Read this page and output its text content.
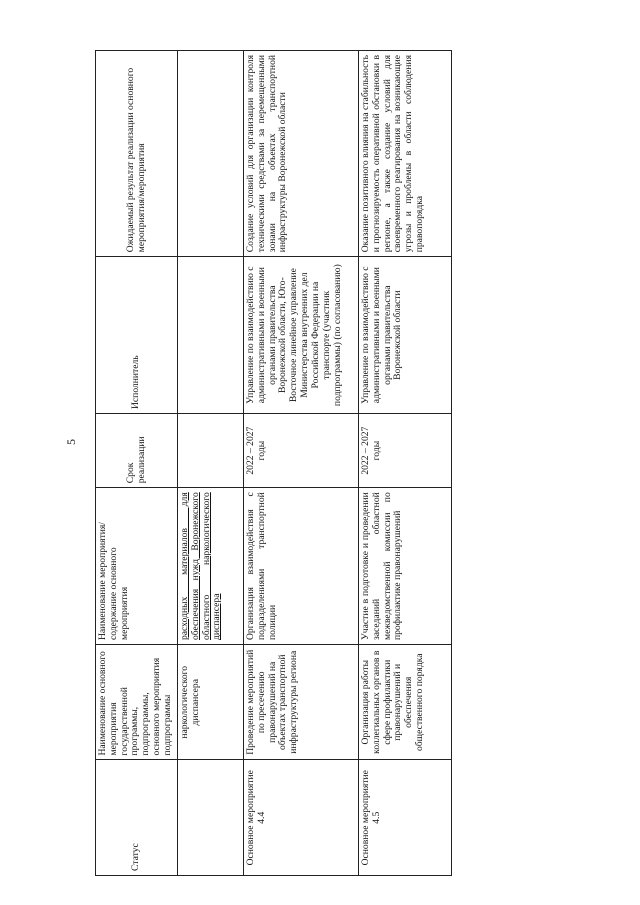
5
Статус	Наименование основного мероприятия государственной программы, подпрограммы, основного мероприятия подпрограммы	Наименование мероприятия/содержание основного мероприятия	Срок реализации	Исполнитель	Ожидаемый результат реализации основного мероприятия/мероприятия
	наркологического диспансера	расходных материалов для обеспечения нужд Воронежского областного наркологического диспансера			
Основное мероприятие 4.4	Проведение мероприятий по пресечению правонарушений на объектах транспортной инфраструктуры региона	Организация взаимодействия с подразделениями транспортной полиции	2022 – 2027 годы	Управление по взаимодействию с административными и военными органами правительства Воронежской области, Юго-Восточное линейное управление Министерства внутренних дел Российской Федерации на транспорте (участник подпрограммы) (по согласованию)	Создание условий для организации контроля техническими средствами за перемещенными зонами на объектах транспортной инфраструктуры Воронежской области
Основное мероприятие 4.5	Организация работы коллегиальных органов в сфере профилактики правонарушений и обеспечения общественного порядка	Участие в подготовке и проведении заседаний областной межведомственной комиссии по профилактике правонарушений	2022 – 2027 годы	Управление по взаимодействию с административными и военными органами правительства Воронежской области	Оказание позитивного влияния на стабильность и прогнозируемость оперативной обстановки в регионе, а также создание условий для своевременного реагирования на возникающие угрозы и проблемы в области соблюдения правопорядка
